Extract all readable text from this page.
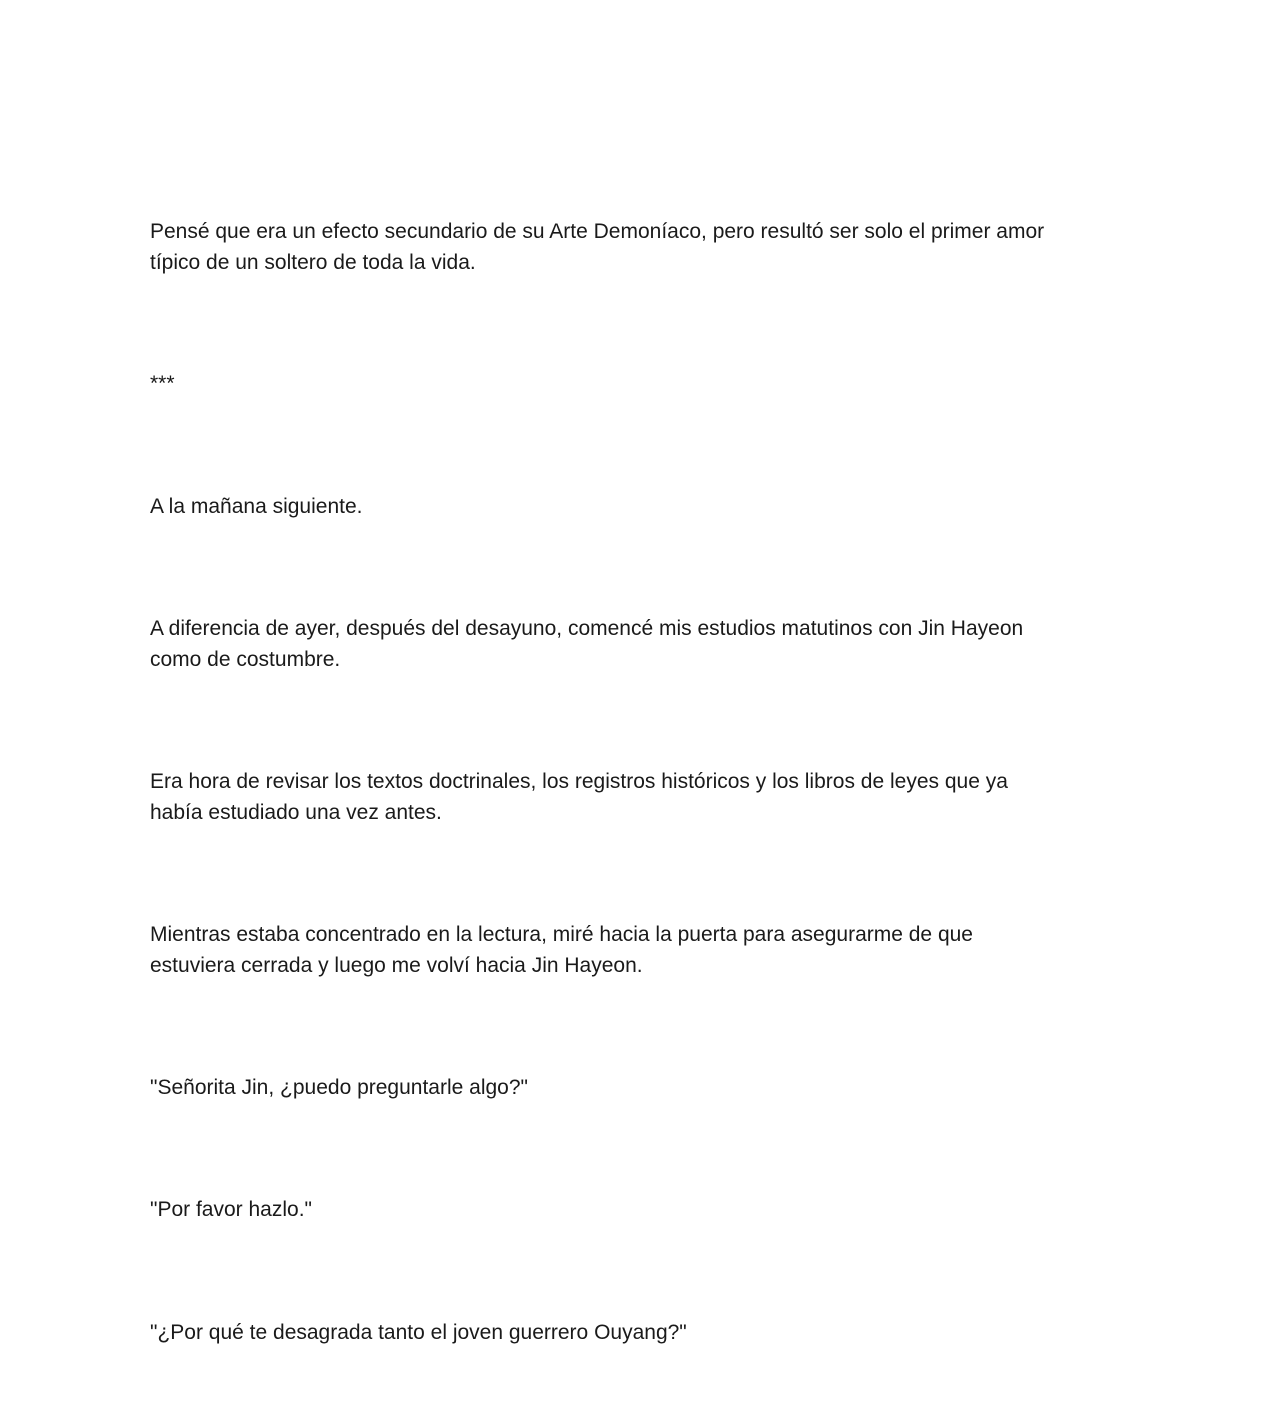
Pensé que era un efecto secundario de su Arte Demoníaco, pero resultó ser solo el primer amor
típico de un soltero de toda la vida.

***

A la mañana siguiente.

A diferencia de ayer, después del desayuno, comencé mis estudios matutinos con Jin Hayeon
como de costumbre.

Era hora de revisar los textos doctrinales, los registros históricos y los libros de leyes que ya
había estudiado una vez antes.

Mientras estaba concentrado en la lectura, miré hacia la puerta para asegurarme de que
estuviera cerrada y luego me volví hacia Jin Hayeon.

"Señorita Jin, ¿puedo preguntarle algo?"

"Por favor hazlo."

"¿Por qué te desagrada tanto el joven guerrero Ouyang?"
